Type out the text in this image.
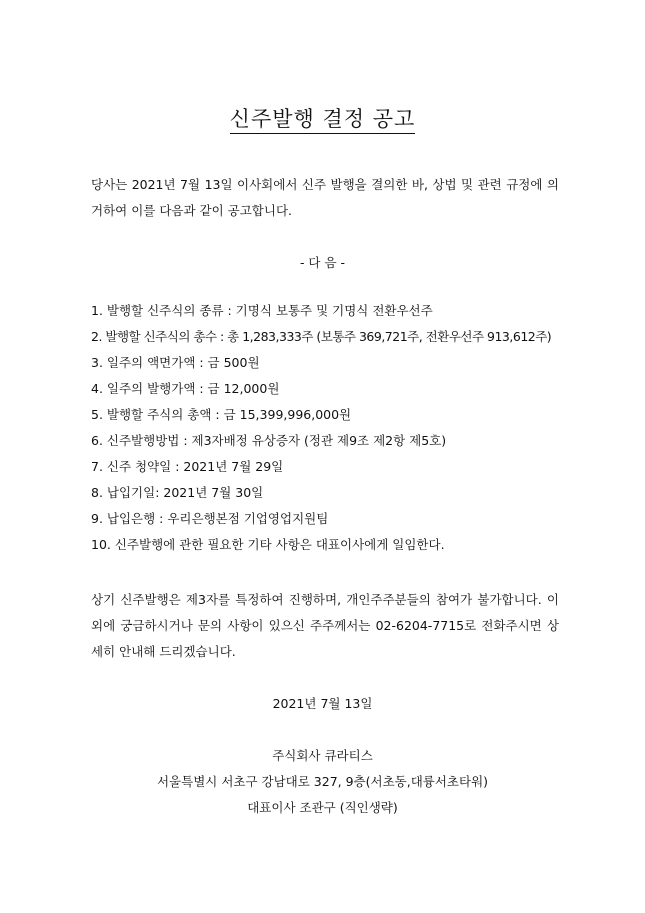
신주발행 결정 공고
당사는 2021년 7월 13일 이사회에서 신주 발행을 결의한 바, 상법 및 관련 규정에 의거하여 이를 다음과 같이 공고합니다.
- 다 음 -
1. 발행할 신주식의 종류 : 기명식 보통주 및 기명식 전환우선주
2. 발행할 신주식의 총수 : 총 1,283,333주 (보통주 369,721주, 전환우선주 913,612주)
3. 일주의 액면가액 : 금 500원
4. 일주의 발행가액 : 금 12,000원
5. 발행할 주식의 총액 : 금 15,399,996,000원
6. 신주발행방법 : 제3자배정 유상증자 (정관 제9조 제2항 제5호)
7. 신주 청약일 : 2021년 7월 29일
8. 납입기일: 2021년 7월 30일
9. 납입은행 : 우리은행본점 기업영업지원팀
10. 신주발행에 관한 필요한 기타 사항은 대표이사에게 일임한다.
상기 신주발행은 제3자를 특정하여 진행하며, 개인주주분들의 참여가 불가합니다. 이외에 궁금하시거나 문의 사항이 있으신 주주께서는 02-6204-7715로 전화주시면 상세히 안내해 드리겠습니다.
2021년 7월 13일
주식회사 큐라티스
서울특별시 서초구 강남대로 327, 9층(서초동,대륭서초타워)
대표이사 조관구 (직인생략)
